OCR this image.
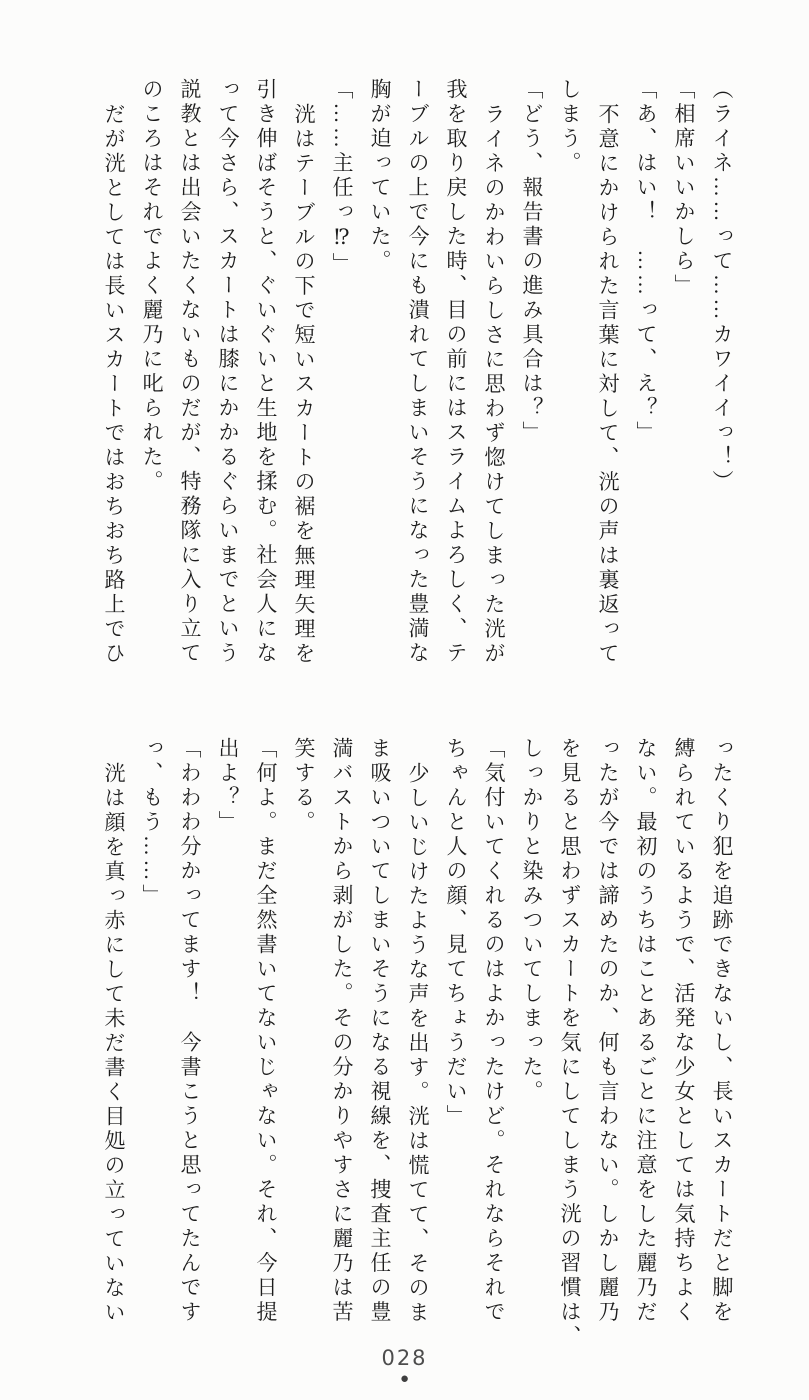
（ライネ……って……カワイイっ！）

「相席いいかしら」

「あ、はい！　……って、え？」

不意にかけられた言葉に対して、洸の声は裏返って

しまう。

「どう、報告書の進み具合は？」

ライネのかわいらしさに思わず惚けてしまった洸が

我を取り戻した時、目の前にはスライムよろしく、テ

ーブルの上で今にも潰れてしまいそうになった豊満な

胸が迫っていた。

「……主任っ⁉」

洸はテーブルの下で短いスカートの裾を無理矢理を

引き伸ばそうと、ぐいぐいと生地を揉む。社会人にな

って今さら、スカートは膝にかかるぐらいまでという

説教とは出会いたくないものだが、特務隊に入り立て

のころはそれでよく麗乃に叱られた。

だが洸としては長いスカートではおちおち路上でひ

ったくり犯を追跡できないし、長いスカートだと脚を

縛られているようで、活発な少女としては気持ちよく

ない。最初のうちはことあるごとに注意をした麗乃だ

ったが今では諦めたのか、何も言わない。しかし麗乃

を見ると思わずスカートを気にしてしまう洸の習慣は、

しっかりと染みついてしまった。

「気付いてくれるのはよかったけど。それならそれで

ちゃんと人の顔、見てちょうだい」

少しいじけたような声を出す。洸は慌てて、そのま

ま吸いついてしまいそうになる視線を、捜査主任の豊

満バストから剥がした。その分かりやすさに麗乃は苦

笑する。

「何よ。まだ全然書いてないじゃない。それ、今日提

出よ？」

「わわわ分かってます！　今書こうと思ってたんです

っ、もう……」

洸は顔を真っ赤にして未だ書く目処の立っていない

028
●
